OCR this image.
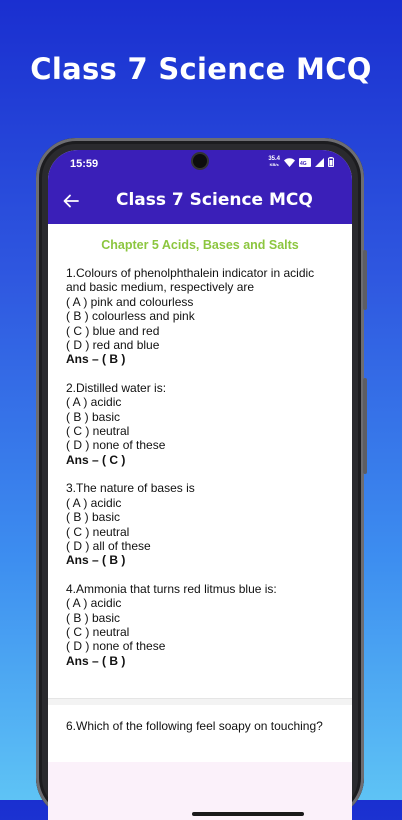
Class 7 Science MCQ
15:59	35.4
KB/s	4G
Class 7 Science MCQ
Chapter 5 Acids, Bases and Salts
1.Colours of phenolphthalein indicator in acidic and basic medium, respectively are
( A ) pink and colourless
( B ) colourless and pink
( C ) blue and red
( D ) red and blue
Ans – ( B )
2.Distilled water is:
( A ) acidic
( B ) basic
( C ) neutral
( D ) none of these
Ans – ( C )
3.The nature of bases is
( A ) acidic
( B ) basic
( C ) neutral
( D ) all of these
Ans – ( B )
4.Ammonia that turns red litmus blue is:
( A ) acidic
( B ) basic
( C ) neutral
( D ) none of these
Ans – ( B )
6.Which of the following feel soapy on touching?
